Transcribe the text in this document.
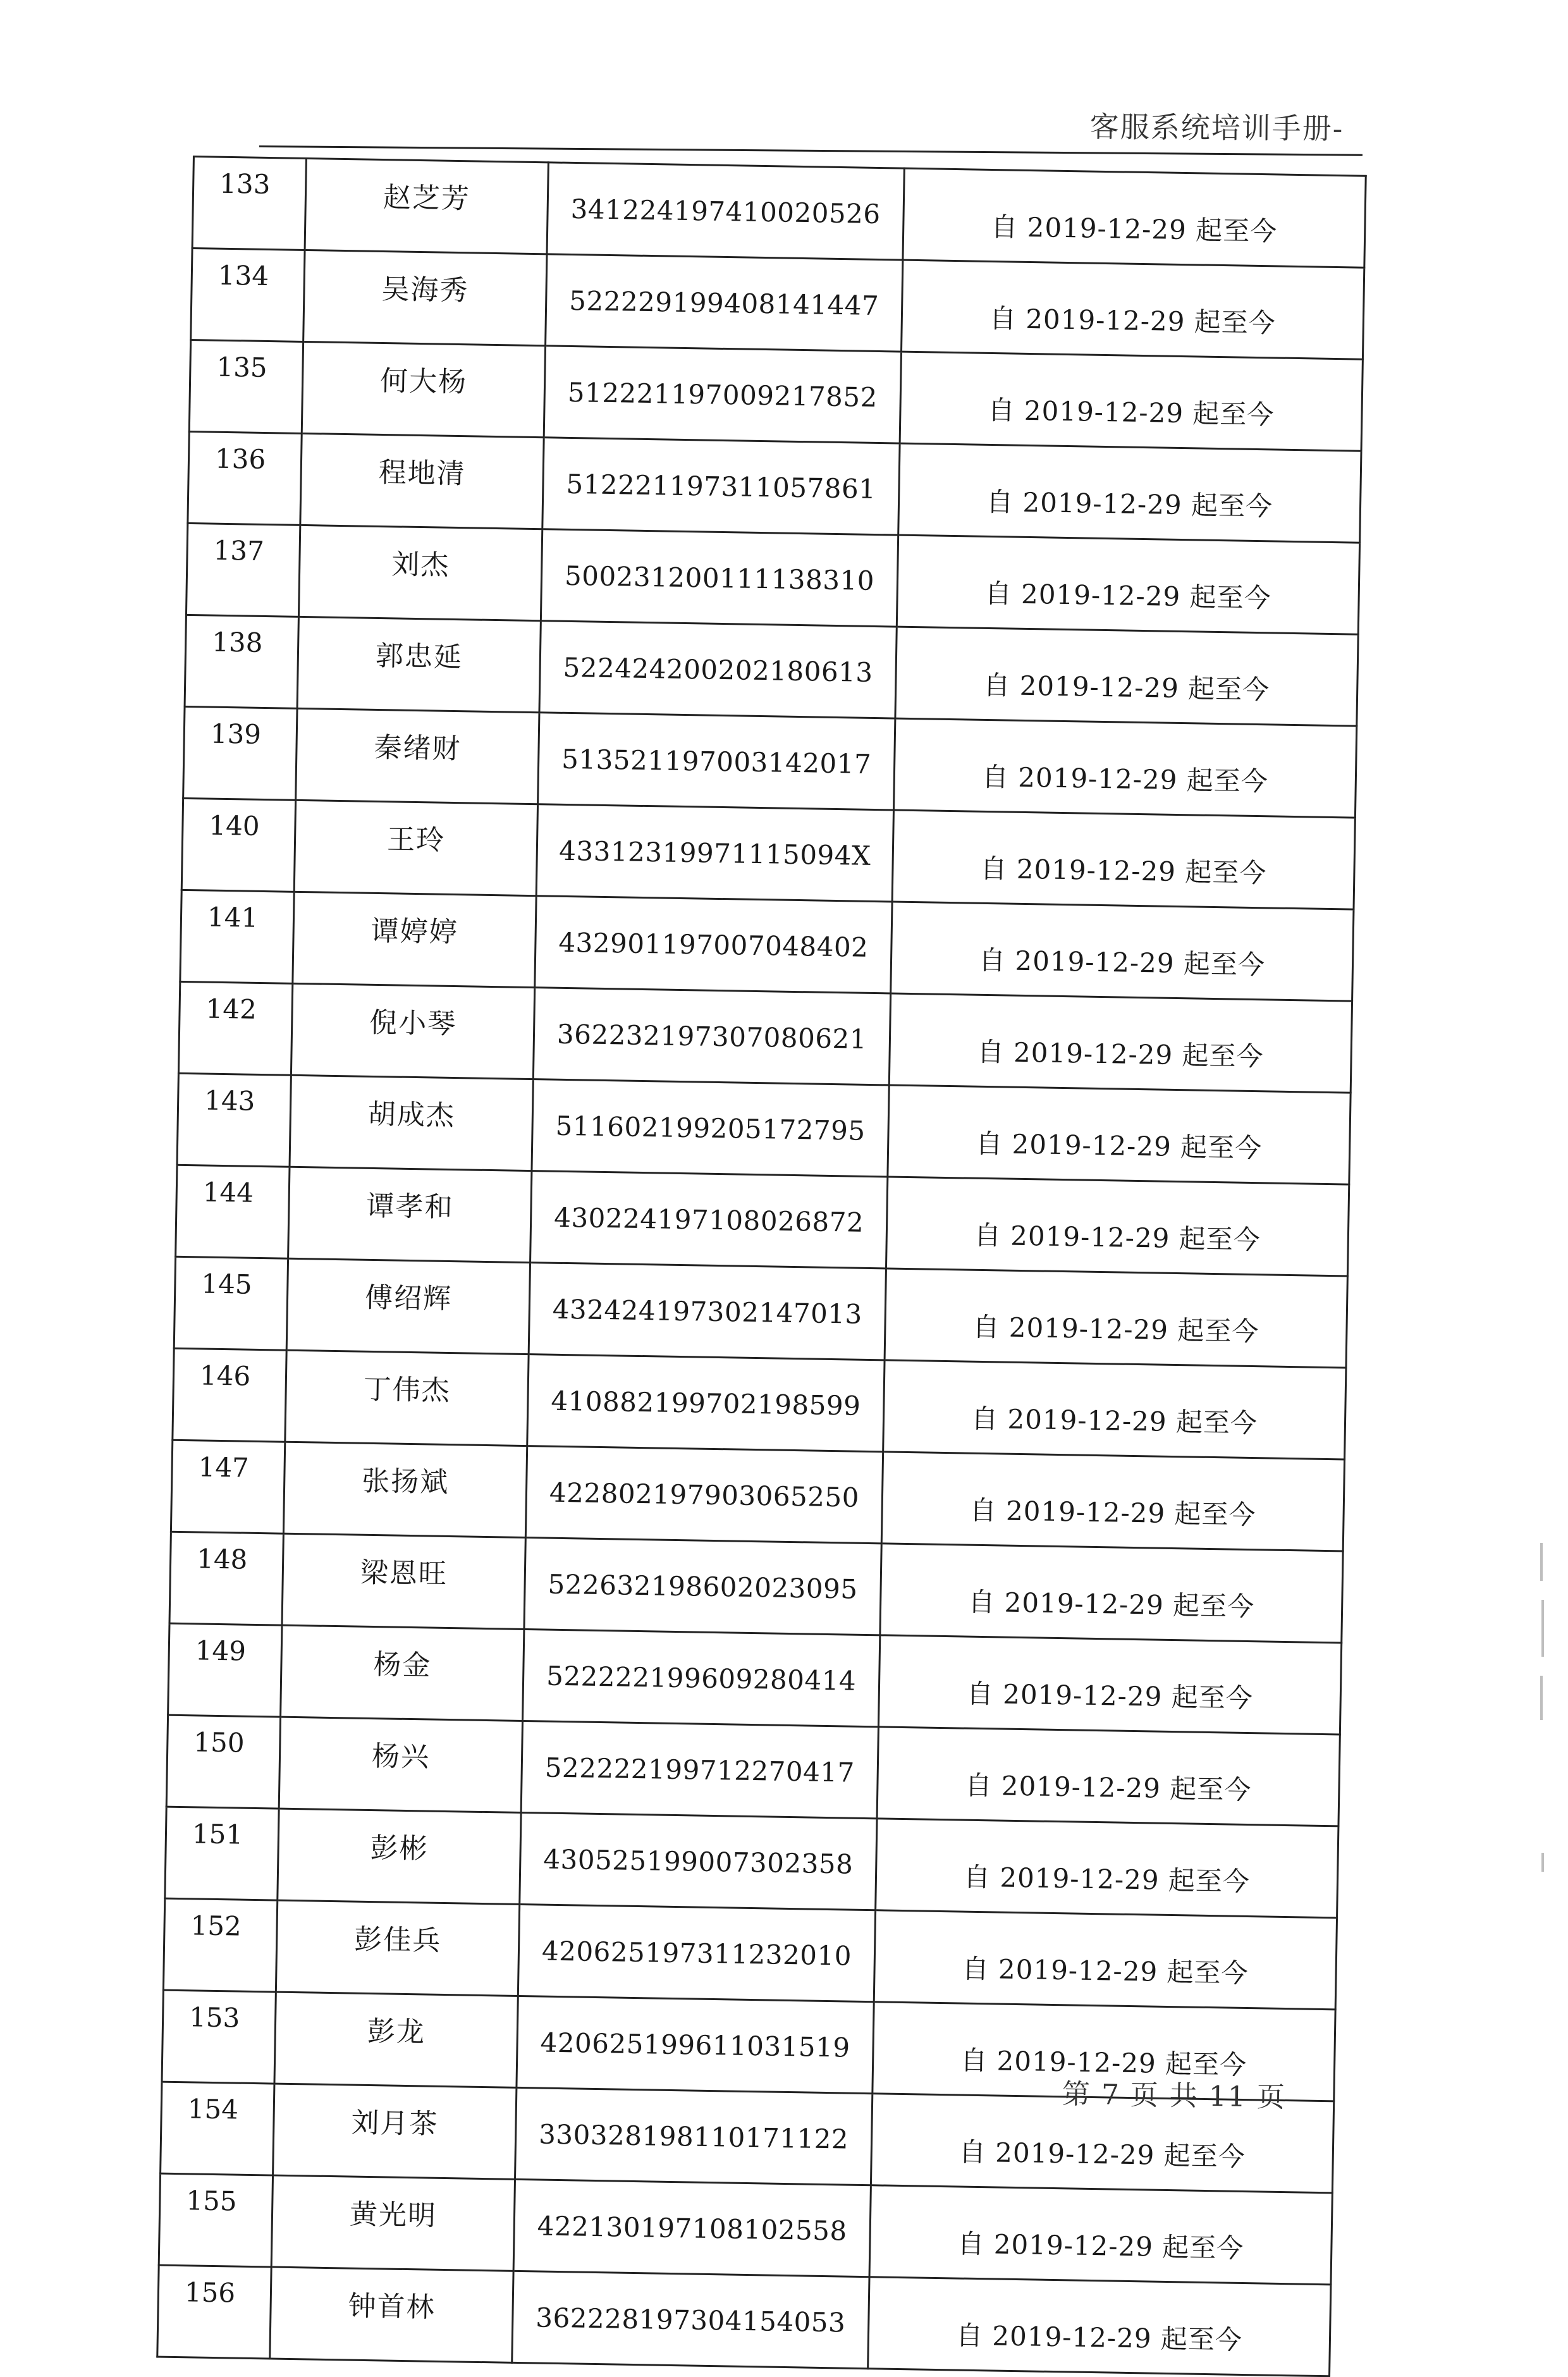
客服系统培训手册-
133	赵芝芳	341224197410020526	自 2019-12-29 起至今
134	吴海秀	522229199408141447	自 2019-12-29 起至今
135	何大杨	512221197009217852	自 2019-12-29 起至今
136	程地清	512221197311057861	自 2019-12-29 起至今
137	刘杰	500231200111138310	自 2019-12-29 起至今
138	郭忠延	522424200202180613	自 2019-12-29 起至今
139	秦绪财	513521197003142017	自 2019-12-29 起至今
140	王玲	43312319971115094X	自 2019-12-29 起至今
141	谭婷婷	432901197007048402	自 2019-12-29 起至今
142	倪小琴	362232197307080621	自 2019-12-29 起至今
143	胡成杰	511602199205172795	自 2019-12-29 起至今
144	谭孝和	430224197108026872	自 2019-12-29 起至今
145	傅绍辉	432424197302147013	自 2019-12-29 起至今
146	丁伟杰	410882199702198599	自 2019-12-29 起至今
147	张扬斌	422802197903065250	自 2019-12-29 起至今
148	梁恩旺	522632198602023095	自 2019-12-29 起至今
149	杨金	522222199609280414	自 2019-12-29 起至今
150	杨兴	522222199712270417	自 2019-12-29 起至今
151	彭彬	430525199007302358	自 2019-12-29 起至今
152	彭佳兵	420625197311232010	自 2019-12-29 起至今
153	彭龙	420625199611031519	自 2019-12-29 起至今
154	刘月茶	330328198110171122	自 2019-12-29 起至今
155	黄光明	422130197108102558	自 2019-12-29 起至今
156	钟首林	362228197304154053	自 2019-12-29 起至今
第 7 页 共 11 页
